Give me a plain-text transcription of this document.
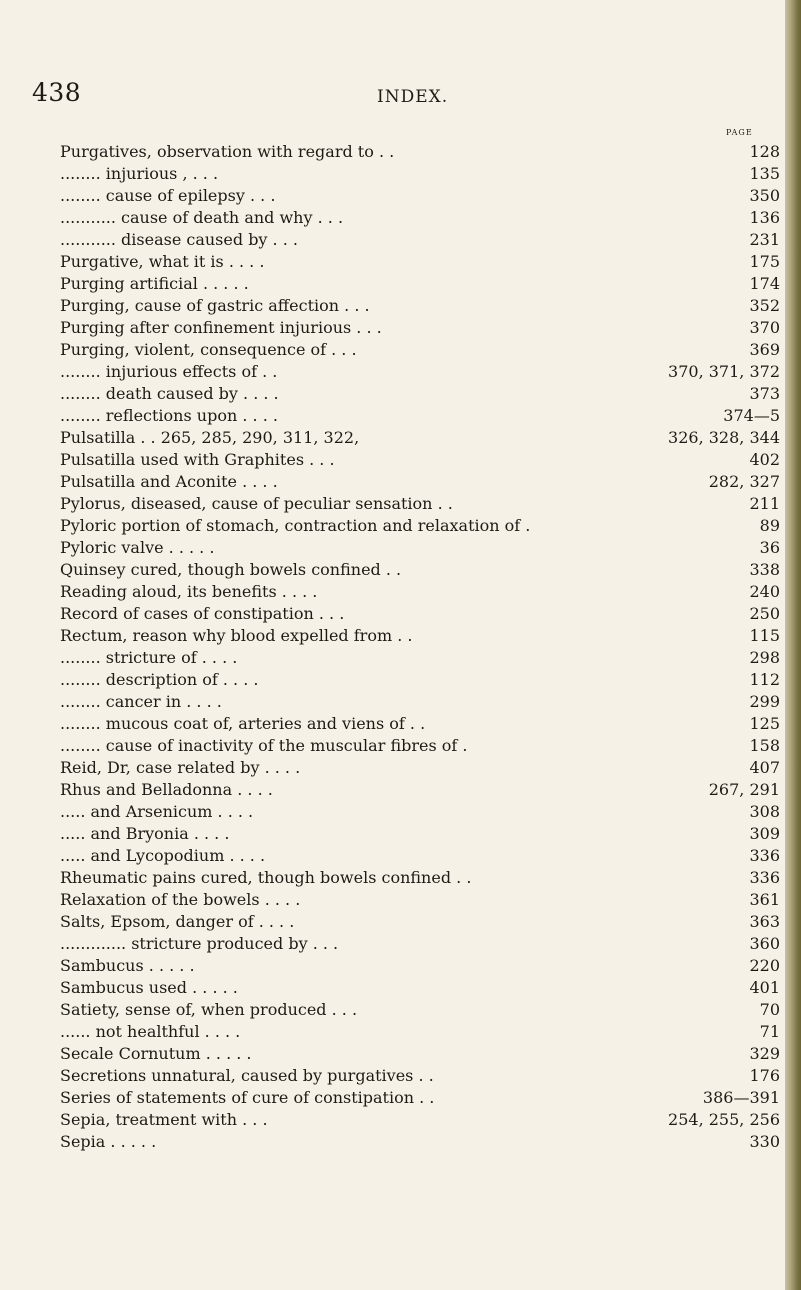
438	INDEX.
PAGE
Purgatives, observation with regard to . .	128
........ injurious , . . .	135
........ cause of epilepsy . . .	350
........... cause of death and why . . .	136
........... disease caused by . . .	231
Purgative, what it is . . . .	175
Purging artificial . . . . .	174
Purging, cause of gastric affection . . .	352
Purging after confinement injurious . . .	370
Purging, violent, consequence of . . .	369
........ injurious effects of . .	370, 371, 372
........ death caused by . . . .	373
........ reflections upon . . . .	374—5
Pulsatilla . . 265, 285, 290, 311, 322,	326, 328, 344
Pulsatilla used with Graphites . . .	402
Pulsatilla and Aconite . . . .	282, 327
Pylorus, diseased, cause of peculiar sensation . .	211
Pyloric portion of stomach, contraction and relaxation of .	89
Pyloric valve . . . . .	36
Quinsey cured, though bowels confined . .	338
Reading aloud, its benefits . . . .	240
Record of cases of constipation . . .	250
Rectum, reason why blood expelled from . .	115
........ stricture of . . . .	298
........ description of . . . .	112
........ cancer in . . . .	299
........ mucous coat of, arteries and viens of . .	125
........ cause of inactivity of the muscular fibres of .	158
Reid, Dr, case related by . . . .	407
Rhus and Belladonna . . . .	267, 291
..... and Arsenicum . . . .	308
..... and Bryonia . . . .	309
..... and Lycopodium . . . .	336
Rheumatic pains cured, though bowels confined . .	336
Relaxation of the bowels . . . .	361
Salts, Epsom, danger of . . . .	363
............. stricture produced by . . .	360
Sambucus . . . . .	220
Sambucus used . . . . .	401
Satiety, sense of, when produced . . .	70
...... not healthful . . . .	71
Secale Cornutum . . . . .	329
Secretions unnatural, caused by purgatives . .	176
Series of statements of cure of constipation . .	386—391
Sepia, treatment with . . .	254, 255, 256
Sepia . . . . .	330
